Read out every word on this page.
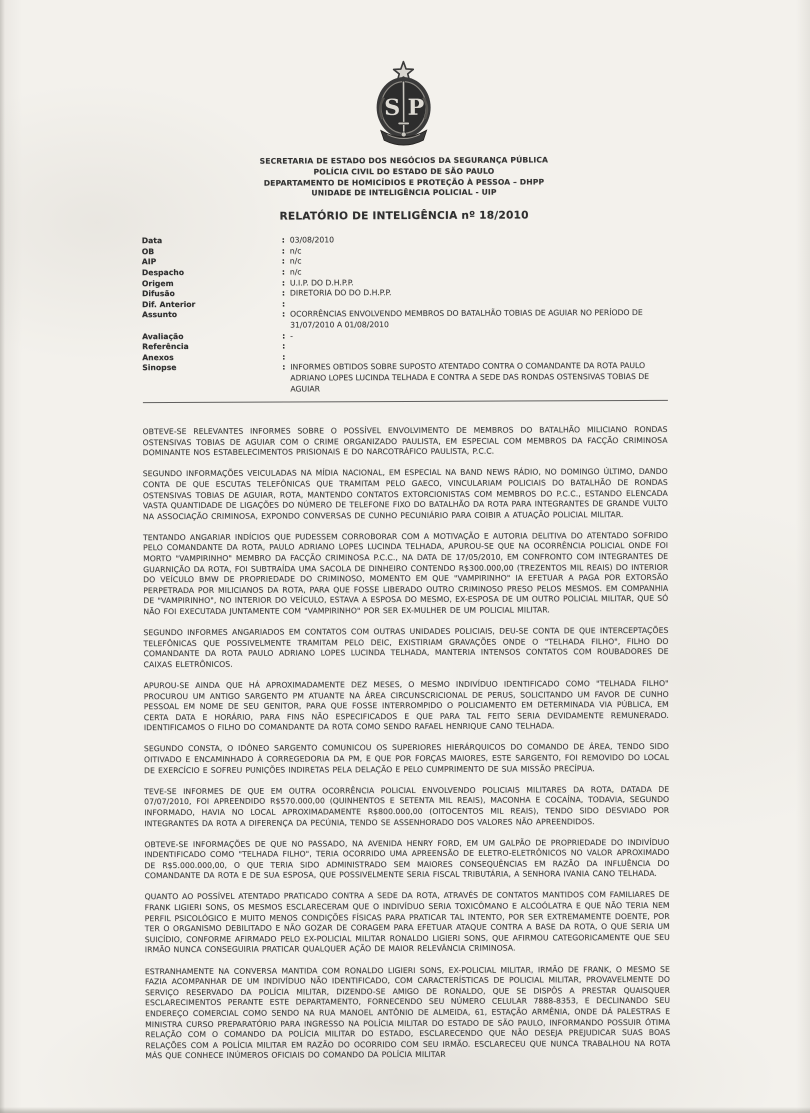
S P
SECRETARIA DE ESTADO DOS NEGÓCIOS DA SEGURANÇA PÚBLICA
POLÍCIA CIVIL DO ESTADO DE SÃO PAULO
DEPARTAMENTO DE HOMICÍDIOS E PROTEÇÃO À PESSOA – DHPP
UNIDADE DE INTELIGÊNCIA POLICIAL - UIP
RELATÓRIO DE INTELIGÊNCIA nº 18/2010
Data	: 03/08/2010
OB	: n/c
AIP	: n/c
Despacho	: n/c
Origem	: U.I.P. DO D.H.P.P.
Difusão	: DIRETORIA DO DO D.H.P.P.
Dif. Anterior	:
Assunto	: OCORRÊNCIAS ENVOLVENDO MEMBROS DO BATALHÃO TOBIAS DE AGUIAR NO PERÍODO DE 31/07/2010 A 01/08/2010
Avaliação	: -
Referência	:
Anexos	:
Sinopse	: INFORMES OBTIDOS SOBRE SUPOSTO ATENTADO CONTRA O COMANDANTE DA ROTA PAULO ADRIANO LOPES LUCINDA TELHADA E CONTRA A SEDE DAS RONDAS OSTENSIVAS TOBIAS DE AGUIAR

OBTEVE-SE RELEVANTES INFORMES SOBRE O POSSÍVEL ENVOLVIMENTO DE MEMBROS DO BATALHÃO MILICIANO RONDAS OSTENSIVAS TOBIAS DE AGUIAR COM O CRIME ORGANIZADO PAULISTA, EM ESPECIAL COM MEMBROS DA FACÇÃO CRIMINOSA DOMINANTE NOS ESTABELECIMENTOS PRISIONAIS E DO NARCOTRÁFICO PAULISTA, P.C.C.

SEGUNDO INFORMAÇÕES VEICULADAS NA MÍDIA NACIONAL, EM ESPECIAL NA BAND NEWS RÁDIO, NO DOMINGO ÚLTIMO, DANDO CONTA DE QUE ESCUTAS TELEFÔNICAS QUE TRAMITAM PELO GAECO, VINCULARIAM POLICIAIS DO BATALHÃO DE RONDAS OSTENSIVAS TOBIAS DE AGUIAR, ROTA, MANTENDO CONTATOS EXTORCIONISTAS COM MEMBROS DO P.C.C., ESTANDO ELENCADA VASTA QUANTIDADE DE LIGAÇÕES DO NÚMERO DE TELEFONE FIXO DO BATALHÃO DA ROTA PARA INTEGRANTES DE GRANDE VULTO NA ASSOCIAÇÃO CRIMINOSA, EXPONDO CONVERSAS DE CUNHO PECUNIÁRIO PARA COIBIR A ATUAÇÃO POLICIAL MILITAR.

TENTANDO ANGARIAR INDÍCIOS QUE PUDESSEM CORROBORAR COM A MOTIVAÇÃO E AUTORIA DELITIVA DO ATENTADO SOFRIDO PELO COMANDANTE DA ROTA, PAULO ADRIANO LOPES LUCINDA TELHADA, APUROU-SE QUE NA OCORRÊNCIA POLICIAL ONDE FOI MORTO "VAMPIRINHO" MEMBRO DA FACÇÃO CRIMINOSA P.C.C., NA DATA DE 17/05/2010, EM CONFRONTO COM INTEGRANTES DE GUARNIÇÃO DA ROTA, FOI SUBTRAÍDA UMA SACOLA DE DINHEIRO CONTENDO R$300.000,00 (TREZENTOS MIL REAIS) DO INTERIOR DO VEÍCULO BMW DE PROPRIEDADE DO CRIMINOSO, MOMENTO EM QUE "VAMPIRINHO" IA EFETUAR A PAGA POR EXTORSÃO PERPETRADA POR MILICIANOS DA ROTA, PARA QUE FOSSE LIBERADO OUTRO CRIMINOSO PRESO PELOS MESMOS. EM COMPANHIA DE "VAMPIRINHO", NO INTERIOR DO VEÍCULO, ESTAVA A ESPOSA DO MESMO, EX-ESPOSA DE UM OUTRO POLICIAL MILITAR, QUE SÓ NÃO FOI EXECUTADA JUNTAMENTE COM "VAMPIRINHO" POR SER EX-MULHER DE UM POLICIAL MILITAR.

SEGUNDO INFORMES ANGARIADOS EM CONTATOS COM OUTRAS UNIDADES POLICIAIS, DEU-SE CONTA DE QUE INTERCEPTAÇÕES TELEFÔNICAS QUE POSSIVELMENTE TRAMITAM PELO DEIC, EXISTIRIAM GRAVAÇÕES ONDE O "TELHADA FILHO", FILHO DO COMANDANTE DA ROTA PAULO ADRIANO LOPES LUCINDA TELHADA, MANTERIA INTENSOS CONTATOS COM ROUBADORES DE CAIXAS ELETRÔNICOS.

APUROU-SE AINDA QUE HÁ APROXIMADAMENTE DEZ MESES, O MESMO INDIVÍDUO IDENTIFICADO COMO "TELHADA FILHO" PROCUROU UM ANTIGO SARGENTO PM ATUANTE NA ÁREA CIRCUNSCRICIONAL DE PERUS, SOLICITANDO UM FAVOR DE CUNHO PESSOAL EM NOME DE SEU GENITOR, PARA QUE FOSSE INTERROMPIDO O POLICIAMENTO EM DETERMINADA VIA PÚBLICA, EM CERTA DATA E HORÁRIO, PARA FINS NÃO ESPECIFICADOS E QUE PARA TAL FEITO SERIA DEVIDAMENTE REMUNERADO. IDENTIFICAMOS O FILHO DO COMANDANTE DA ROTA COMO SENDO RAFAEL HENRIQUE CANO TELHADA.

SEGUNDO CONSTA, O IDÔNEO SARGENTO COMUNICOU OS SUPERIORES HIERÁRQUICOS DO COMANDO DE ÁREA, TENDO SIDO OITIVADO E ENCAMINHADO À CORREGEDORIA DA PM, E QUE POR FORÇAS MAIORES, ESTE SARGENTO, FOI REMOVIDO DO LOCAL DE EXERCÍCIO E SOFREU PUNIÇÕES INDIRETAS PELA DELAÇÃO E PELO CUMPRIMENTO DE SUA MISSÃO PRECÍPUA.

TEVE-SE INFORMES DE QUE EM OUTRA OCORRÊNCIA POLICIAL ENVOLVENDO POLICIAIS MILITARES DA ROTA, DATADA DE 07/07/2010, FOI APREENDIDO R$570.000,00 (QUINHENTOS E SETENTA MIL REAIS), MACONHA E COCAÍNA, TODAVIA, SEGUNDO INFORMADO, HAVIA NO LOCAL APROXIMADAMENTE R$800.000,00 (OITOCENTOS MIL REAIS), TENDO SIDO DESVIADO POR INTEGRANTES DA ROTA A DIFERENÇA DA PECÚNIA, TENDO SE ASSENHORADO DOS VALORES NÃO APREENDIDOS.

OBTEVE-SE INFORMAÇÕES DE QUE NO PASSADO, NA AVENIDA HENRY FORD, EM UM GALPÃO DE PROPRIEDADE DO INDIVÍDUO INDENTIFICADO COMO "TELHADA FILHO", TERIA OCORRIDO UMA APREENSÃO DE ELETRO-ELETRÔNICOS NO VALOR APROXIMADO DE R$5.000.000,00, O QUE TERIA SIDO ADMINISTRADO SEM MAIORES CONSEQUÊNCIAS EM RAZÃO DA INFLUÊNCIA DO COMANDANTE DA ROTA E DE SUA ESPOSA, QUE POSSIVELMENTE SERIA FISCAL TRIBUTÁRIA, A SENHORA IVANIA CANO TELHADA.

QUANTO AO POSSÍVEL ATENTADO PRATICADO CONTRA A SEDE DA ROTA, ATRAVÉS DE CONTATOS MANTIDOS COM FAMILIARES DE FRANK LIGIERI SONS, OS MESMOS ESCLARECERAM QUE O INDIVÍDUO SERIA TOXICÔMANO E ALCOÓLATRA E QUE NÃO TERIA NEM PERFIL PSICOLÓGICO E MUITO MENOS CONDIÇÕES FÍSICAS PARA PRATICAR TAL INTENTO, POR SER EXTREMAMENTE DOENTE, POR TER O ORGANISMO DEBILITADO E NÃO GOZAR DE CORAGEM PARA EFETUAR ATAQUE CONTRA A BASE DA ROTA, O QUE SERIA UM SUICÍDIO, CONFORME AFIRMADO PELO EX-POLICIAL MILITAR RONALDO LIGIERI SONS, QUE AFIRMOU CATEGORICAMENTE QUE SEU IRMÃO NUNCA CONSEGUIRIA PRATICAR QUALQUER AÇÃO DE MAIOR RELEVÂNCIA CRIMINOSA.

ESTRANHAMENTE NA CONVERSA MANTIDA COM RONALDO LIGIERI SONS, EX-POLICIAL MILITAR, IRMÃO DE FRANK, O MESMO SE FAZIA ACOMPANHAR DE UM INDIVÍDUO NÃO IDENTIFICADO, COM CARACTERÍSTICAS DE POLICIAL MILITAR, PROVAVELMENTE DO SERVIÇO RESERVADO DA POLÍCIA MILITAR, DIZENDO-SE AMIGO DE RONALDO, QUE SE DISPÔS A PRESTAR QUAISQUER ESCLARECIMENTOS PERANTE ESTE DEPARTAMENTO, FORNECENDO SEU NÚMERO CELULAR 7888-8353, E DECLINANDO SEU ENDEREÇO COMERCIAL COMO SENDO NA RUA MANOEL ANTÔNIO DE ALMEIDA, 61, ESTAÇÃO ARMÊNIA, ONDE DÁ PALESTRAS E MINISTRA CURSO PREPARATÓRIO PARA INGRESSO NA POLÍCIA MILITAR DO ESTADO DE SÃO PAULO, INFORMANDO POSSUIR ÓTIMA RELAÇÃO COM O COMANDO DA POLÍCIA MILITAR DO ESTADO, ESCLARECENDO QUE NÃO DESEJA PREJUDICAR SUAS BOAS RELAÇÕES COM A POLÍCIA MILITAR EM RAZÃO DO OCORRIDO COM SEU IRMÃO. ESCLARECEU QUE NUNCA TRABALHOU NA ROTA MÁS QUE CONHECE INÚMEROS OFICIAIS DO COMANDO DA POLÍCIA MILITAR
